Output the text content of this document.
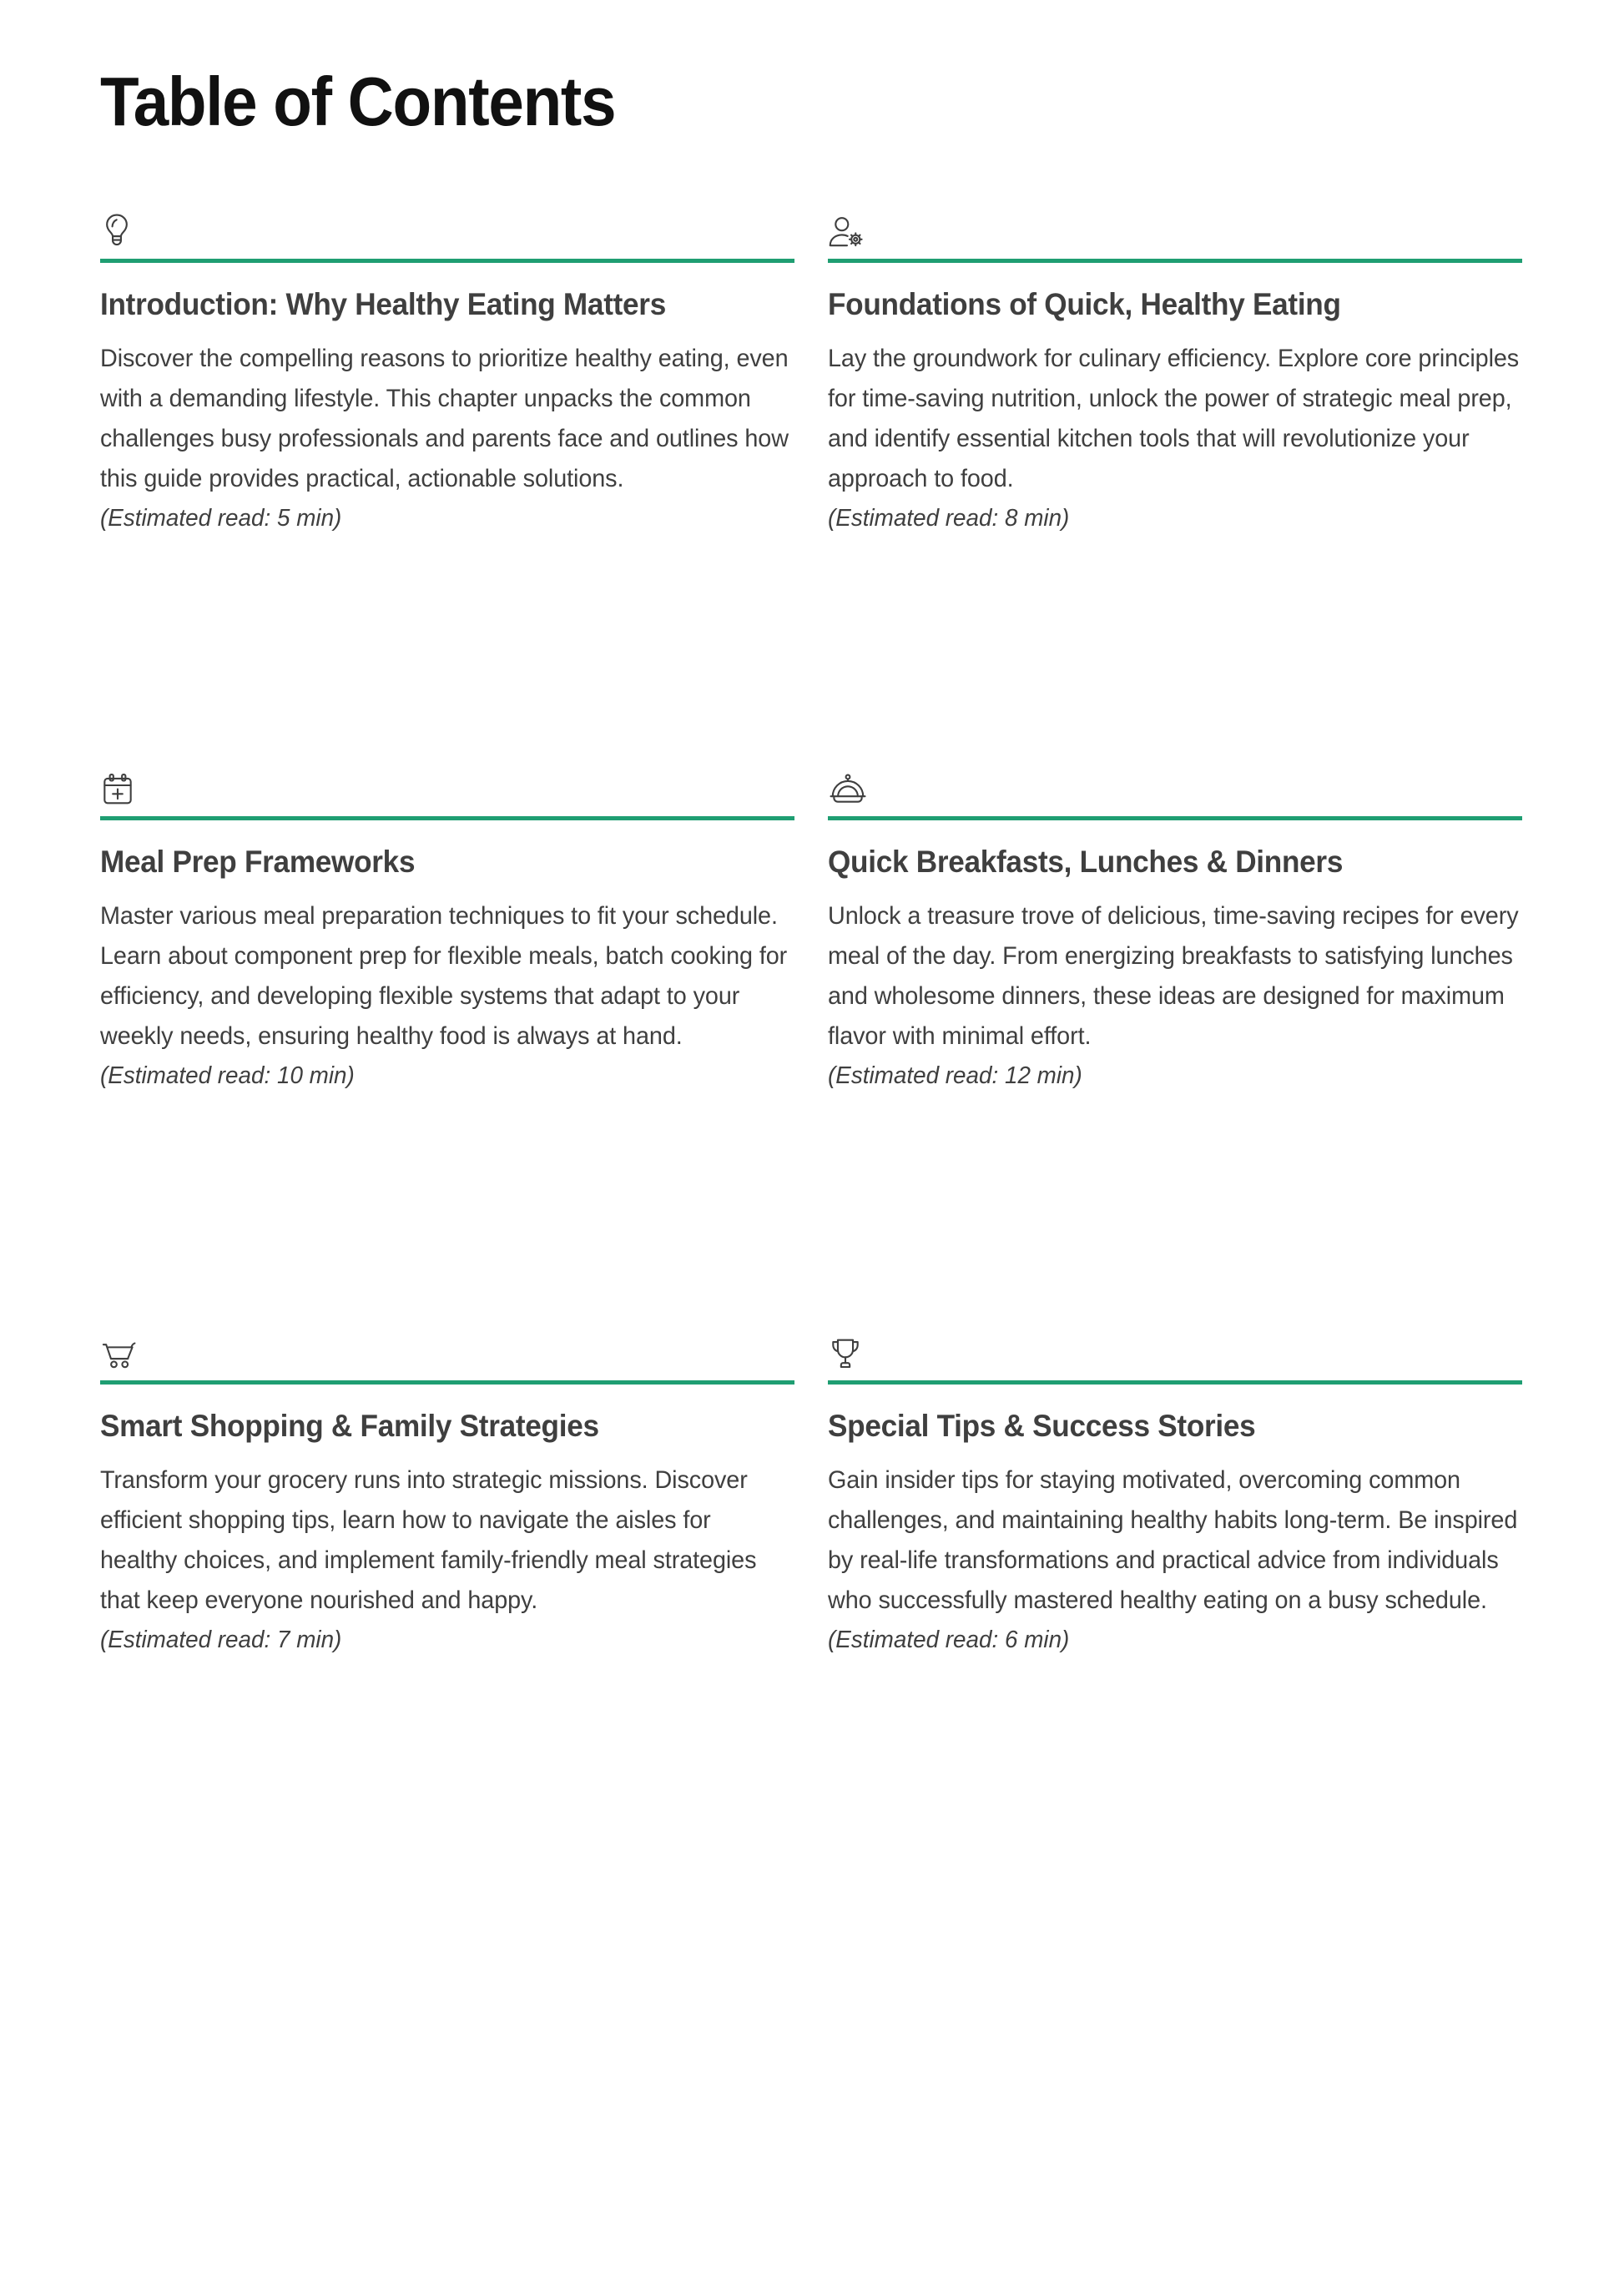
Table of Contents
Introduction: Why Healthy Eating Matters

Discover the compelling reasons to prioritize healthy eating, even with a demanding lifestyle. This chapter unpacks the common challenges busy professionals and parents face and outlines how this guide provides practical, actionable solutions.

(Estimated read: 5 min)

Foundations of Quick, Healthy Eating

Lay the groundwork for culinary efficiency. Explore core principles for time-saving nutrition, unlock the power of strategic meal prep, and identify essential kitchen tools that will revolutionize your approach to food.

(Estimated read: 8 min)

Meal Prep Frameworks

Master various meal preparation techniques to fit your schedule. Learn about component prep for flexible meals, batch cooking for efficiency, and developing flexible systems that adapt to your weekly needs, ensuring healthy food is always at hand.

(Estimated read: 10 min)

Quick Breakfasts, Lunches & Dinners

Unlock a treasure trove of delicious, time-saving recipes for every meal of the day. From energizing breakfasts to satisfying lunches and wholesome dinners, these ideas are designed for maximum flavor with minimal effort.

(Estimated read: 12 min)

Smart Shopping & Family Strategies

Transform your grocery runs into strategic missions. Discover efficient shopping tips, learn how to navigate the aisles for healthy choices, and implement family-friendly meal strategies that keep everyone nourished and happy.

(Estimated read: 7 min)

Special Tips & Success Stories

Gain insider tips for staying motivated, overcoming common challenges, and maintaining healthy habits long-term. Be inspired by real-life transformations and practical advice from individuals who successfully mastered healthy eating on a busy schedule.

(Estimated read: 6 min)
